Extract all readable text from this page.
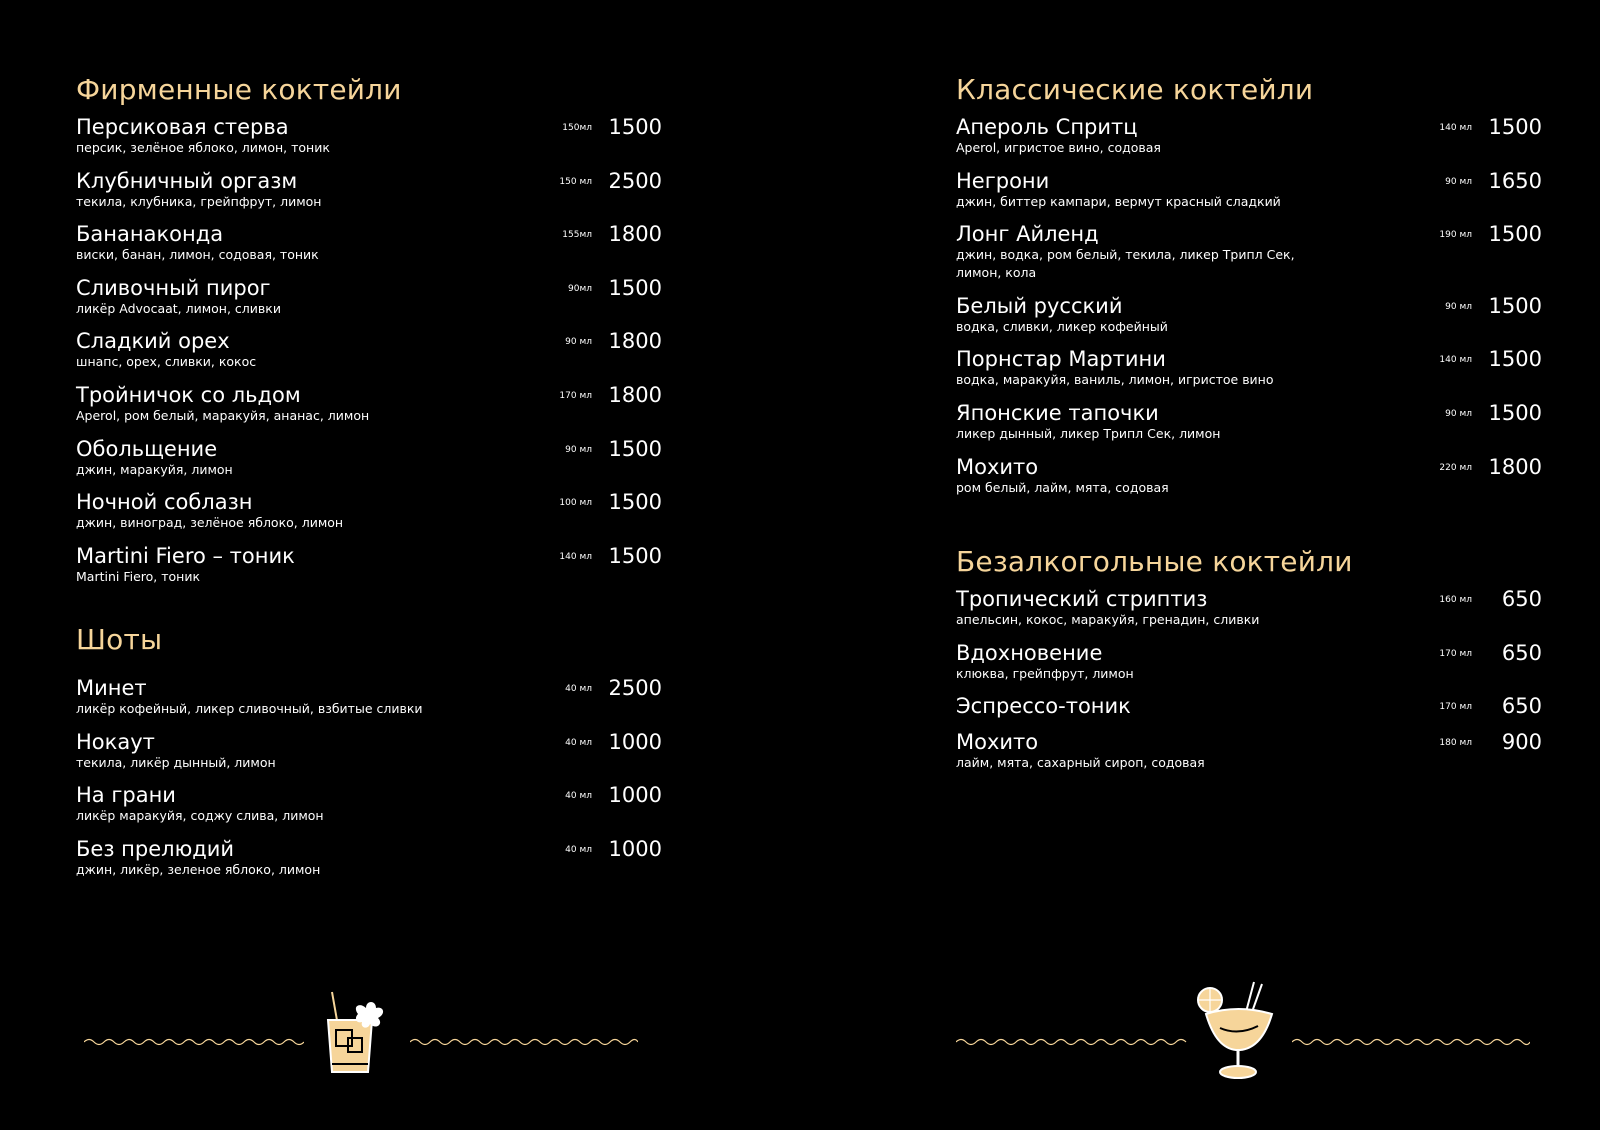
Фирменные коктейли
Персиковая стерва
персик, зелёное яблоко, лимон, тоник
150мл 1500
Клубничный оргазм
текила, клубника, грейпфрут, лимон
150 мл 2500
Бананаконда
виски, банан, лимон, содовая, тоник
155мл 1800
Сливочный пирог
ликёр Advocaat, лимон, сливки
90мл 1500
Сладкий орех
шнапс, орех, сливки, кокос
90 мл 1800
Тройничок со льдом
Aperol, ром белый, маракуйя, ананас, лимон
170 мл 1800
Обольщение
джин, маракуйя, лимон
90 мл 1500
Ночной соблазн
джин, виноград, зелёное яблоко, лимон
100 мл 1500
Martini Fiero – тоник
Martini Fiero, тоник
140 мл 1500
Шоты
Минет
ликёр кофейный, ликер сливочный, взбитые сливки
40 мл 2500
Нокаут
текила, ликёр дынный, лимон
40 мл 1000
На грани
ликёр маракуйя, соджу слива, лимон
40 мл 1000
Без прелюдий
джин, ликёр, зеленое яблоко, лимон
40 мл 1000
Классические коктейли
Апероль Спритц
Aperol, игристое вино, содовая
140 мл 1500
Негрони
джин, биттер кампари, вермут красный сладкий
90 мл 1650
Лонг Айленд
джин, водка, ром белый, текила, ликер Трипл Сек, лимон, кола
190 мл 1500
Белый русский
водка, сливки, ликер кофейный
90 мл 1500
Порнстар Мартини
водка, маракуйя, ваниль, лимон, игристое вино
140 мл 1500
Японские тапочки
ликер дынный, ликер Трипл Сек, лимон
90 мл 1500
Мохито
ром белый, лайм, мята, содовая
220 мл 1800
Безалкогольные коктейли
Тропический стриптиз
апельсин, кокос, маракуйя, гренадин, сливки
160 мл	650
Вдохновение
клюква, грейпфрут, лимон
170 мл	650
Эспрессо-тоник	170 мл	650
Мохито
лайм, мята, сахарный сироп, содовая
180 мл	900
